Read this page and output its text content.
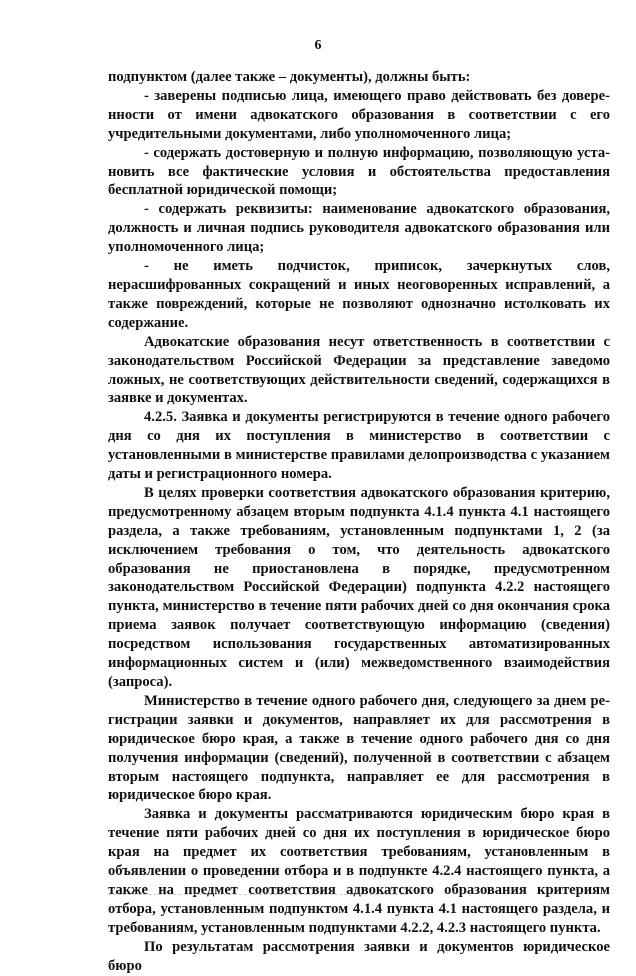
6

подпунктом (далее также – документы), должны быть:

- заверены подписью лица, имеющего право действовать без доверенности от имени адвокатского образования в соответствии с его учредительными документами, либо уполномоченного лица;

- содержать достоверную и полную информацию, позволяющую установить все фактические условия и обстоятельства предоставления бесплатной юридической помощи;

- содержать реквизиты: наименование адвокатского образования, должность и личная подпись руководителя адвокатского образования или уполномоченного лица;

- не иметь подчисток, приписок, зачеркнутых слов, нерасшифрованных сокращений и иных неоговоренных исправлений, а также повреждений, которые не позволяют однозначно истолковать их содержание.

Адвокатские образования несут ответственность в соответствии с законодательством Российской Федерации за представление заведомо ложных, не соответствующих действительности сведений, содержащихся в заявке и документах.

4.2.5. Заявка и документы регистрируются в течение одного рабочего дня со дня их поступления в министерство в соответствии с установленными в министерстве правилами делопроизводства с указанием даты и регистрационного номера.

В целях проверки соответствия адвокатского образования критерию, предусмотренному абзацем вторым подпункта 4.1.4 пункта 4.1 настоящего раздела, а также требованиям, установленным подпунктами 1, 2 (за исключением требования о том, что деятельность адвокатского образования не приостановлена в порядке, предусмотренном законодательством Российской Федерации) подпункта 4.2.2 настоящего пункта, министерство в течение пяти рабочих дней со дня окончания срока приема заявок получает соответствующую информацию (сведения) посредством использования государственных автоматизированных информационных систем и (или) межведомственного взаимодействия (запроса).

Министерство в течение одного рабочего дня, следующего за днем регистрации заявки и документов, направляет их для рассмотрения в юридическое бюро края, а также в течение одного рабочего дня со дня получения информации (сведений), полученной в соответствии с абзацем вторым настоящего подпункта, направляет ее для рассмотрения в юридическое бюро края.

Заявка и документы рассматриваются юридическим бюро края в течение пяти рабочих дней со дня их поступления в юридическое бюро края на предмет их соответствия требованиям, установленным в объявлении о проведении отбора и в подпункте 4.2.4 настоящего пункта, а также на предмет соответствия адвокатского образования критериям отбора, установленным подпунктом 4.1.4 пункта 4.1 настоящего раздела, и требованиям, установленным подпунктами 4.2.2, 4.2.3 настоящего пункта.

По результатам рассмотрения заявки и документов юридическое бюро
